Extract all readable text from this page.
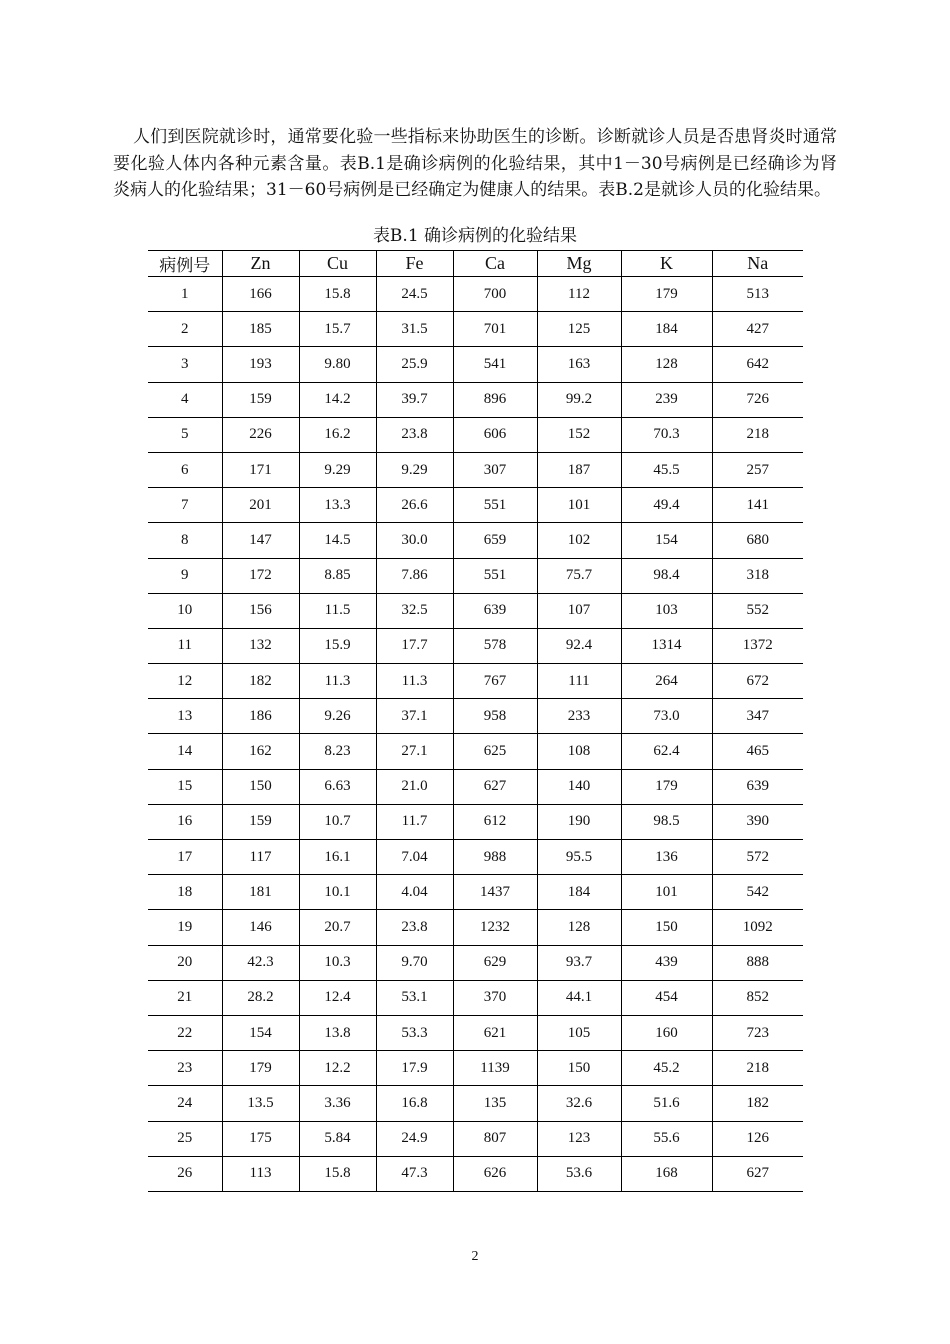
人们到医院就诊时，通常要化验一些指标来协助医生的诊断。诊断就诊人员是否患肾炎时通常要化验人体内各种元素含量。表B.1是确诊病例的化验结果，其中1－30号病例是已经确诊为肾炎病人的化验结果；31－60号病例是已经确定为健康人的结果。表B.2是就诊人员的化验结果。

表B.1 确诊病例的化验结果
病例号	Zn	Cu	Fe	Ca	Mg	K	Na
1	166	15.8	24.5	700	112	179	513
2	185	15.7	31.5	701	125	184	427
3	193	9.80	25.9	541	163	128	642
4	159	14.2	39.7	896	99.2	239	726
5	226	16.2	23.8	606	152	70.3	218
6	171	9.29	9.29	307	187	45.5	257
7	201	13.3	26.6	551	101	49.4	141
8	147	14.5	30.0	659	102	154	680
9	172	8.85	7.86	551	75.7	98.4	318
10	156	11.5	32.5	639	107	103	552
11	132	15.9	17.7	578	92.4	1314	1372
12	182	11.3	11.3	767	111	264	672
13	186	9.26	37.1	958	233	73.0	347
14	162	8.23	27.1	625	108	62.4	465
15	150	6.63	21.0	627	140	179	639
16	159	10.7	11.7	612	190	98.5	390
17	117	16.1	7.04	988	95.5	136	572
18	181	10.1	4.04	1437	184	101	542
19	146	20.7	23.8	1232	128	150	1092
20	42.3	10.3	9.70	629	93.7	439	888
21	28.2	12.4	53.1	370	44.1	454	852
22	154	13.8	53.3	621	105	160	723
23	179	12.2	17.9	1139	150	45.2	218
24	13.5	3.36	16.8	135	32.6	51.6	182
25	175	5.84	24.9	807	123	55.6	126
26	113	15.8	47.3	626	53.6	168	627
2
